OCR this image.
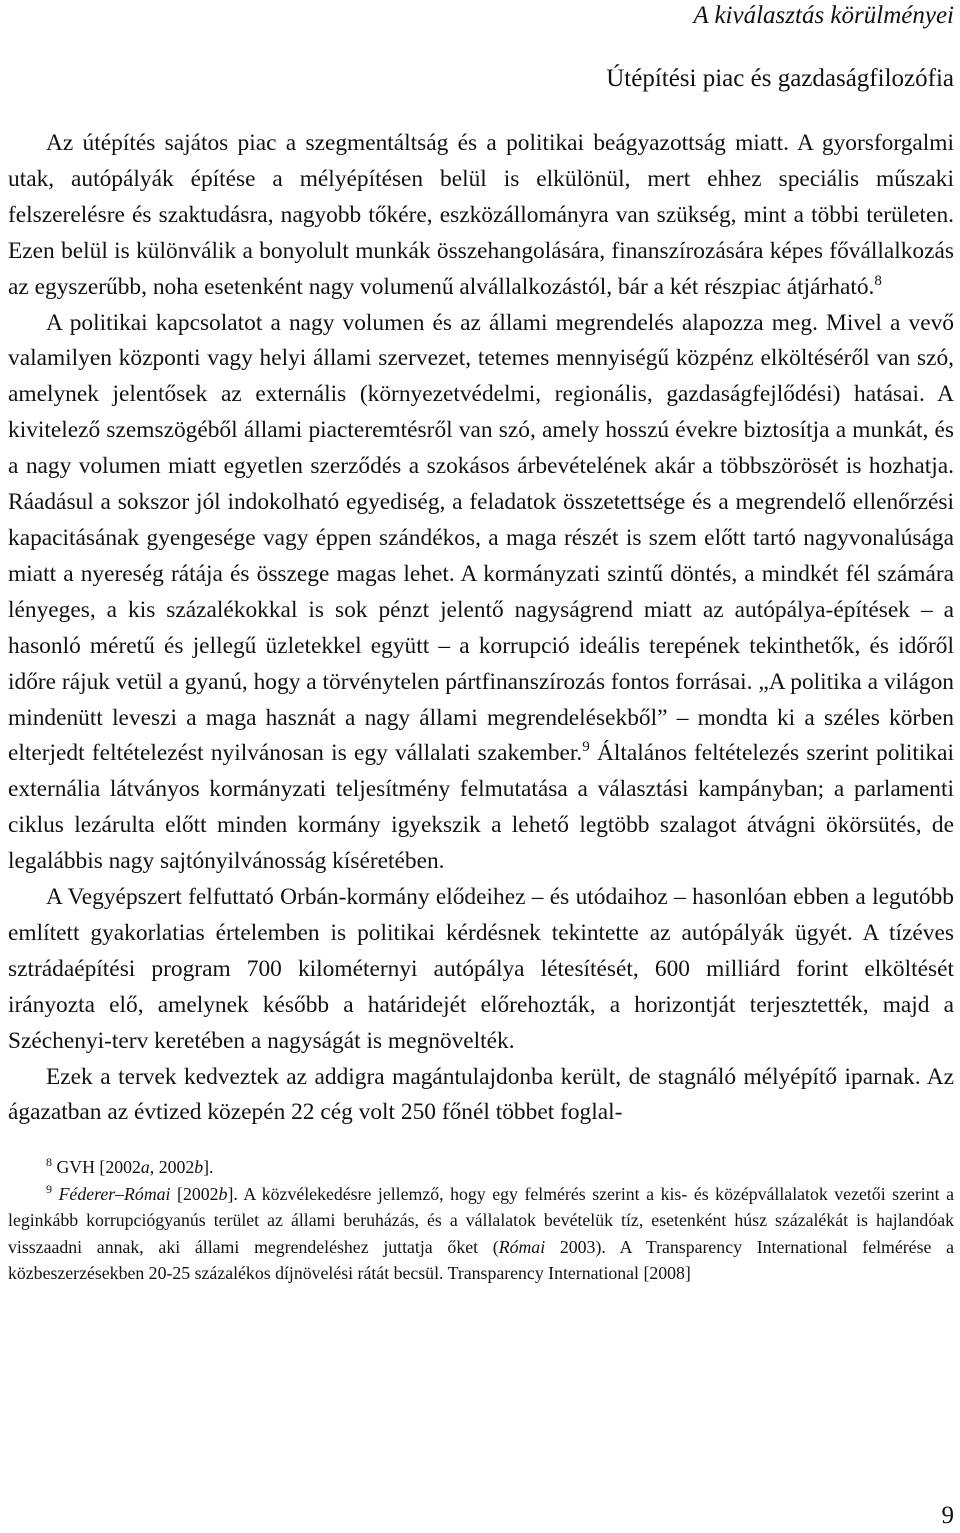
A kiválasztás körülményei

Útépítési piac és gazdaságfilozófia

Az útépítés sajátos piac a szegmentáltság és a politikai beágyazottság miatt. A gyorsforgalmi utak, autópályák építése a mélyépítésen belül is elkülönül, mert ehhez speciális műszaki felszerelésre és szaktudásra, nagyobb tőkére, eszközállományra van szükség, mint a többi területen. Ezen belül is különválik a bonyolult munkák összehangolására, finanszírozására képes fővállalkozás az egyszerűbb, noha esetenként nagy volumenű alvállalkozástól, bár a két részpiac átjárható.$^8$

A politikai kapcsolatot a nagy volumen és az állami megrendelés alapozza meg. Mivel a vevő valamilyen központi vagy helyi állami szervezet, tetemes mennyiségű közpénz elköltéséről van szó, amelynek jelentősek az externális (környezetvédelmi, regionális, gazdaságfejlődési) hatásai. A kivitelező szemszögéből állami piacteremtésről van szó, amely hosszú évekre biztosítja a munkát, és a nagy volumen miatt egyetlen szerződés a szokásos árbevételének akár a többszörösét is hozhatja. Ráadásul a sokszor jól indokolható egyediség, a feladatok összetettsége és a megrendelő ellenőrzési kapacitásának gyengesége vagy éppen szándékos, a maga részét is szem előtt tartó nagyvonalúsága miatt a nyereség rátája és összege magas lehet. A kormányzati szintű döntés, a mindkét fél számára lényeges, a kis százalékokkal is sok pénzt jelentő nagyságrend miatt az autópálya-építések – a hasonló méretű és jellegű üzletekkel együtt – a korrupció ideális terepének tekinthetők, és időről időre rájuk vetül a gyanú, hogy a törvénytelen pártfinanszírozás fontos forrásai. „A politika a világon mindenütt leveszi a maga hasznát a nagy állami megrendelésekből” – mondta ki a széles körben elterjedt feltételezést nyilvánosan is egy vállalati szakember.$^9$ Általános feltételezés szerint politikai externália látványos kormányzati teljesítmény felmutatása a választási kampányban; a parlamenti ciklus lezárulta előtt minden kormány igyekszik a lehető legtöbb szalagot átvágni ökörsütés, de legalábbis nagy sajtónyilvánosság kíséretében.

A Vegyépszert felfuttató Orbán-kormány elődeihez – és utódaihoz – hasonlóan ebben a legutóbb említett gyakorlatias értelemben is politikai kérdésnek tekintette az autópályák ügyét. A tízéves sztrádaépítési program 700 kilométernyi autópálya létesítését, 600 milliárd forint elköltését irányozta elő, amelynek később a határidejét előrehozták, a horizontját terjesztették, majd a Széchenyi-terv keretében a nagyságát is megnövelték.

Ezek a tervek kedveztek az addigra magántulajdonba került, de stagnáló mélyépítő iparnak. Az ágazatban az évtized közepén 22 cég volt 250 főnél többet foglal-

$^8$ GVH [2002a, 2002b].

$^9$ Féderer–Római [2002b]. A közvélekedésre jellemző, hogy egy felmérés szerint a kis- és középvállalatok vezetői szerint a leginkább korrupciógyanús terület az állami beruházás, és a vállalatok bevételük tíz, esetenként húsz százalékát is hajlandóak visszaadni annak, aki állami megrendeléshez juttatja őket (Római 2003). A Transparency International felmérése a közbeszerzésekben 20-25 százalékos díjnövelési rátát becsül. Transparency International [2008]

9
